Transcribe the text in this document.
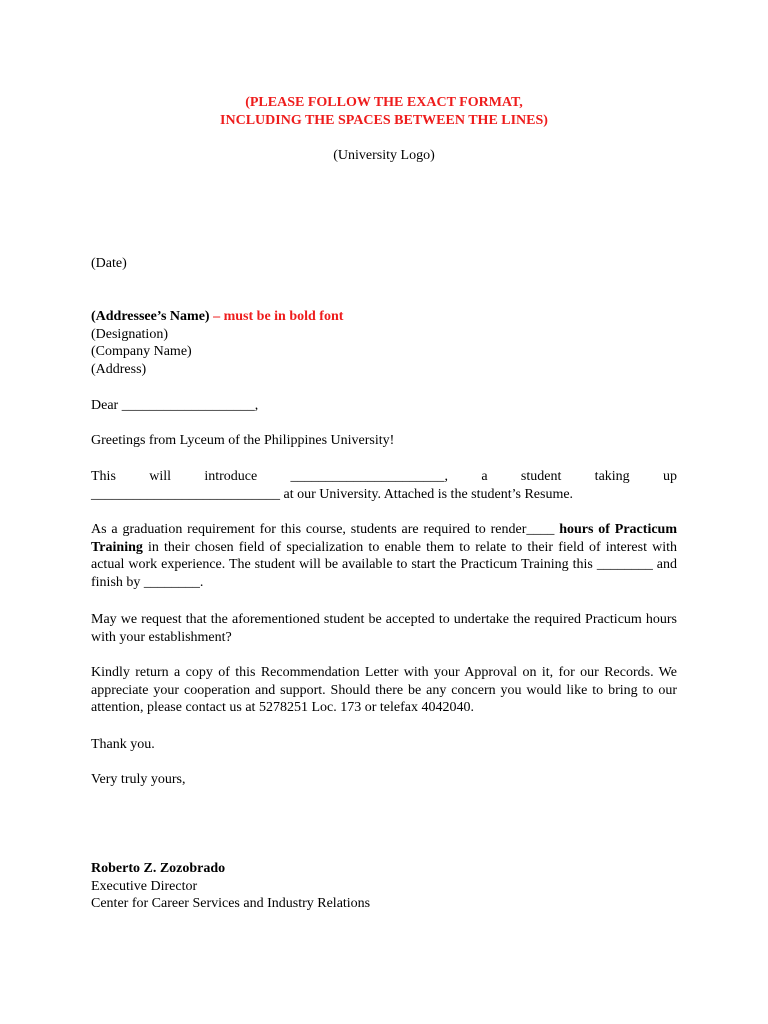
(PLEASE FOLLOW THE EXACT FORMAT,
INCLUDING THE SPACES BETWEEN THE LINES)
(University Logo)
(Date)
(Addressee’s Name) – must be in bold font
(Designation)
(Company Name)
(Address)
Dear ___________________,
Greetings from Lyceum of the Philippines University!
This will introduce ______________________, a student taking up
___________________________ at our University. Attached is the student’s Resume.
As a graduation requirement for this course, students are required to render____ hours of Practicum Training in their chosen field of specialization to enable them to relate to their field of interest with actual work experience. The student will be available to start the Practicum Training this ________ and finish by ________.
May we request that the aforementioned student be accepted to undertake the required Practicum hours with your establishment?
Kindly return a copy of this Recommendation Letter with your Approval on it, for our Records. We appreciate your cooperation and support. Should there be any concern you would like to bring to our attention, please contact us at 5278251 Loc. 173 or telefax 4042040.
Thank you.
Very truly yours,
Roberto Z. Zozobrado
Executive Director
Center for Career Services and Industry Relations
